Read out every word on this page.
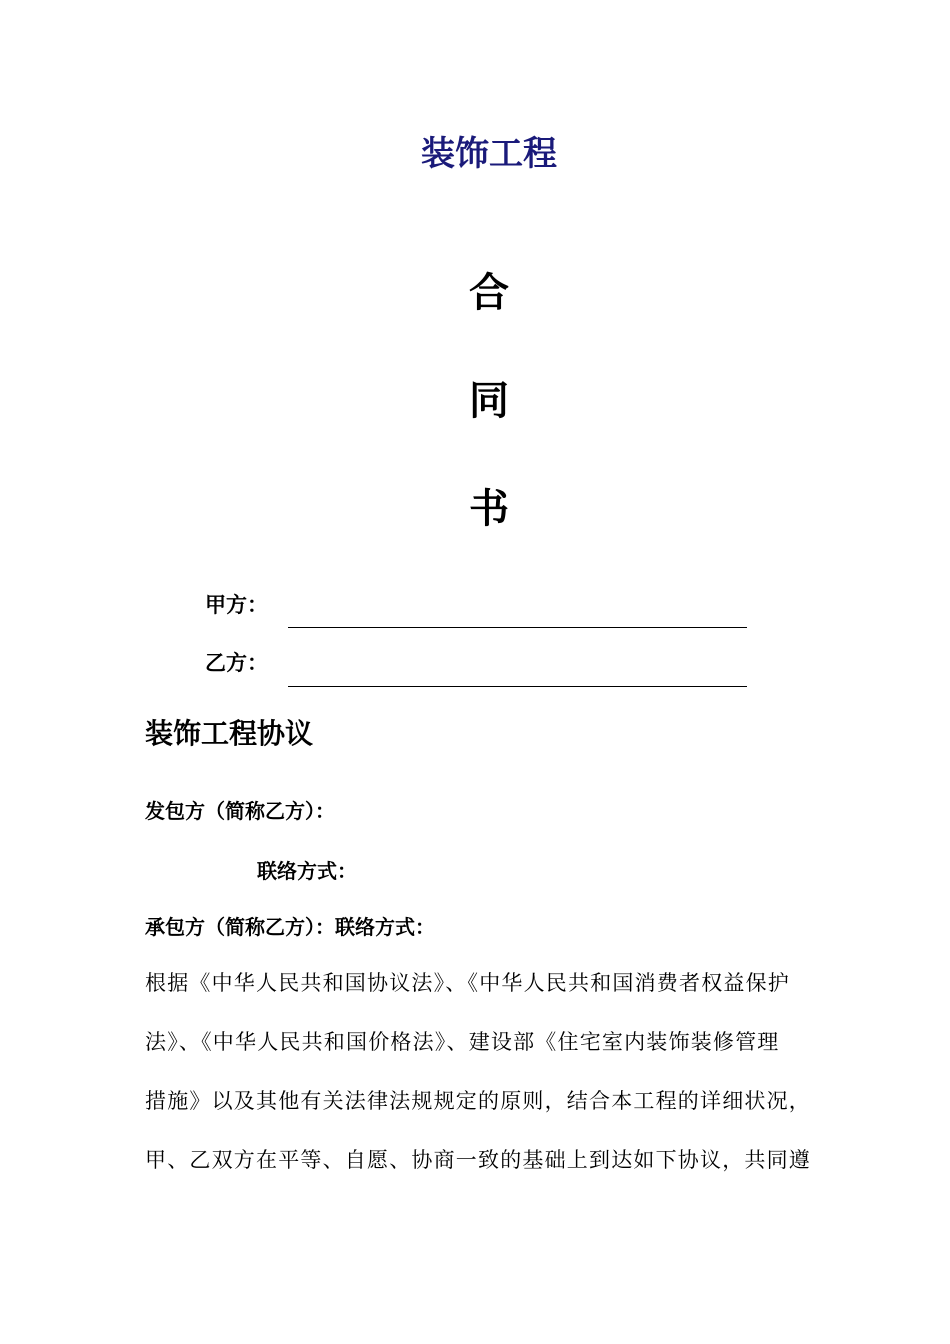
装饰工程
合
同
书
甲方：
乙方：
装饰工程协议
发包方（简称乙方）：
联络方式：
承包方（简称乙方）：联络方式：
根据《中华人民共和国协议法》、《中华人民共和国消费者权益保护
法》、《中华人民共和国价格法》、建设部《住宅室内装饰装修管理
措施》以及其他有关法律法规规定的原则，结合本工程的详细状况，
甲、乙双方在平等、自愿、协商一致的基础上到达如下协议，共同遵
